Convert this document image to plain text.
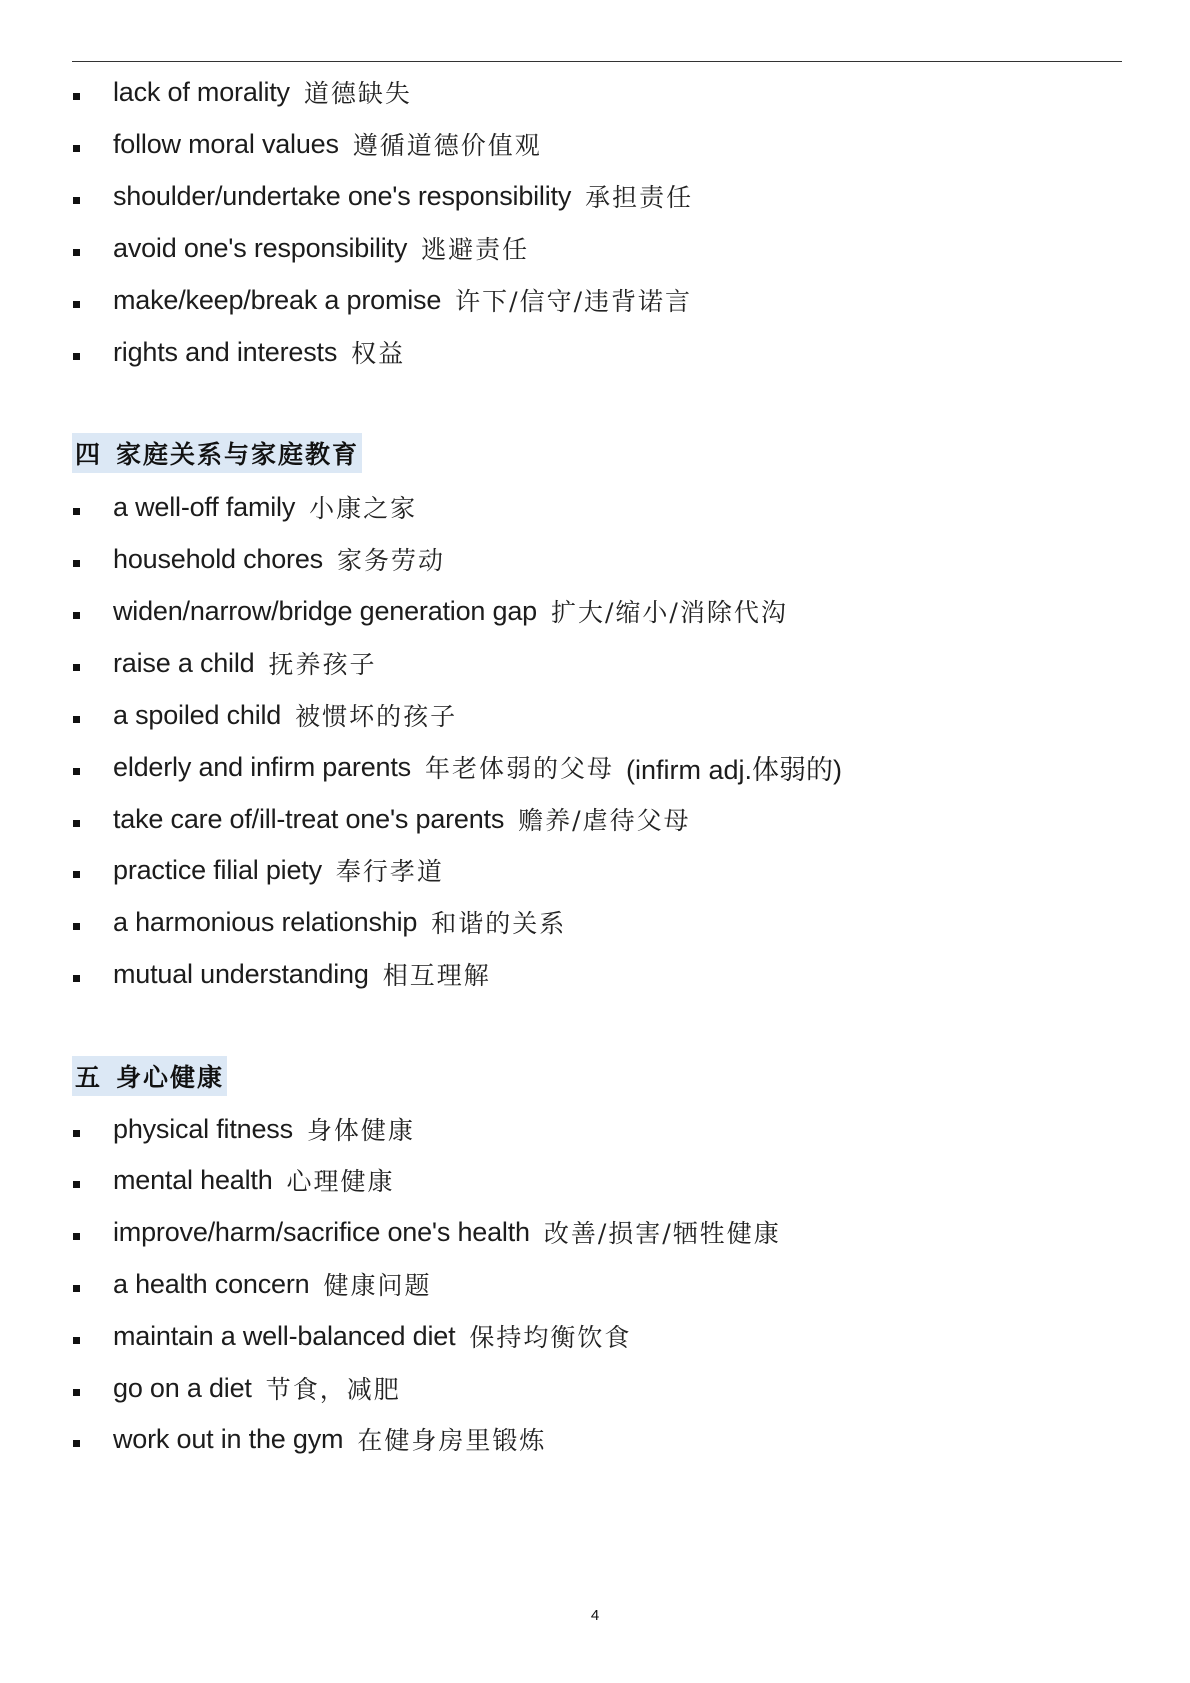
lack of morality 道德缺失
follow moral values 遵循道德价值观
shoulder/undertake one's responsibility 承担责任
avoid one's responsibility 逃避责任
make/keep/break a promise 许下/信守/违背诺言
rights and interests 权益
四 家庭关系与家庭教育
a well-off family 小康之家
household chores 家务劳动
widen/narrow/bridge generation gap 扩大/缩小/消除代沟
raise a child 抚养孩子
a spoiled child 被惯坏的孩子
elderly and infirm parents 年老体弱的父母 (infirm adj.体弱的)
take care of/ill-treat one's parents 赡养/虐待父母
practice filial piety 奉行孝道
a harmonious relationship 和谐的关系
mutual understanding 相互理解
五 身心健康
physical fitness 身体健康
mental health 心理健康
improve/harm/sacrifice one's health 改善/损害/牺牲健康
a health concern 健康问题
maintain a well-balanced diet 保持均衡饮食
go on a diet 节食，减肥
work out in the gym 在健身房里锻炼
4
